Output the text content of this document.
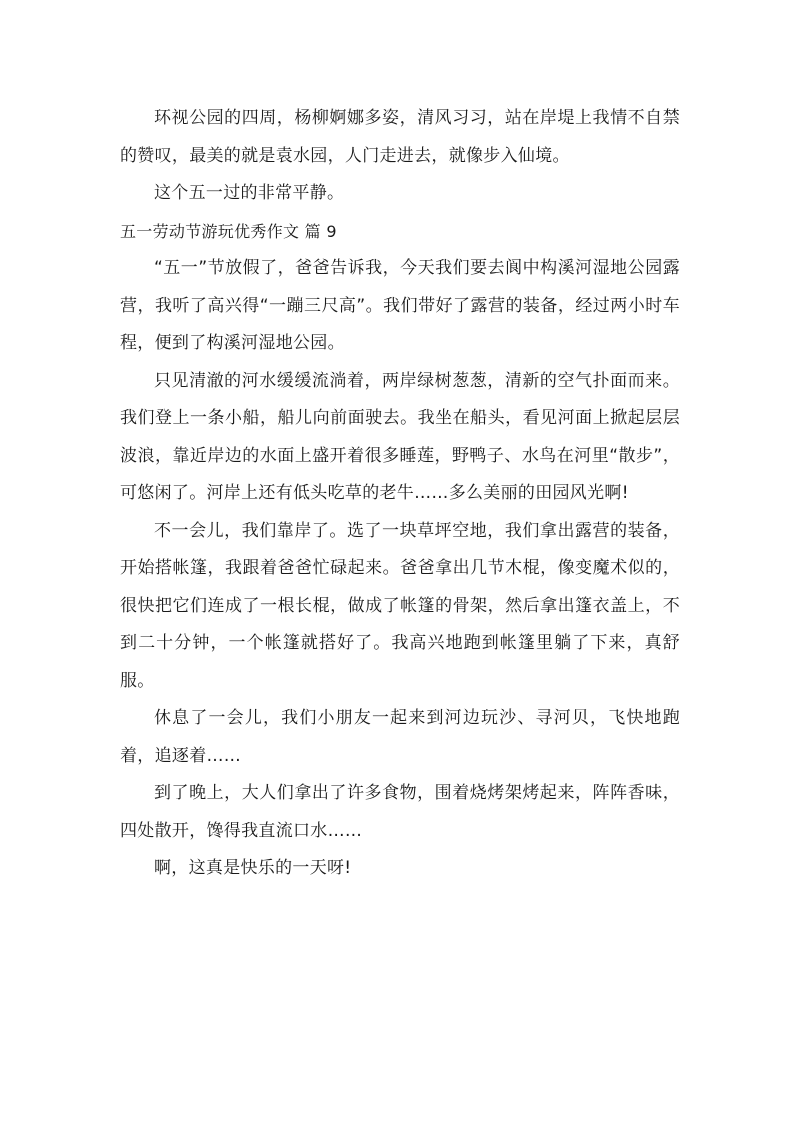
环视公园的四周，杨柳婀娜多姿，清风习习，站在岸堤上我情不自禁的赞叹，最美的就是袁水园，人门走进去，就像步入仙境。

这个五一过的非常平静。

五一劳动节游玩优秀作文 篇 9

“五一”节放假了，爸爸告诉我，今天我们要去阆中构溪河湿地公园露营，我听了高兴得“一蹦三尺高”。我们带好了露营的装备，经过两小时车程，便到了构溪河湿地公园。

只见清澈的河水缓缓流淌着，两岸绿树葱葱，清新的空气扑面而来。我们登上一条小船，船儿向前面驶去。我坐在船头，看见河面上掀起层层波浪，靠近岸边的水面上盛开着很多睡莲，野鸭子、水鸟在河里“散步”，可悠闲了。河岸上还有低头吃草的老牛……多么美丽的田园风光啊!

不一会儿，我们靠岸了。选了一块草坪空地，我们拿出露营的装备，开始搭帐篷，我跟着爸爸忙碌起来。爸爸拿出几节木棍，像变魔术似的，很快把它们连成了一根长棍，做成了帐篷的骨架，然后拿出篷衣盖上，不到二十分钟，一个帐篷就搭好了。我高兴地跑到帐篷里躺了下来，真舒服。

休息了一会儿，我们小朋友一起来到河边玩沙、寻河贝，飞快地跑着，追逐着……

到了晚上，大人们拿出了许多食物，围着烧烤架烤起来，阵阵香味，四处散开，馋得我直流口水……

啊，这真是快乐的一天呀!
